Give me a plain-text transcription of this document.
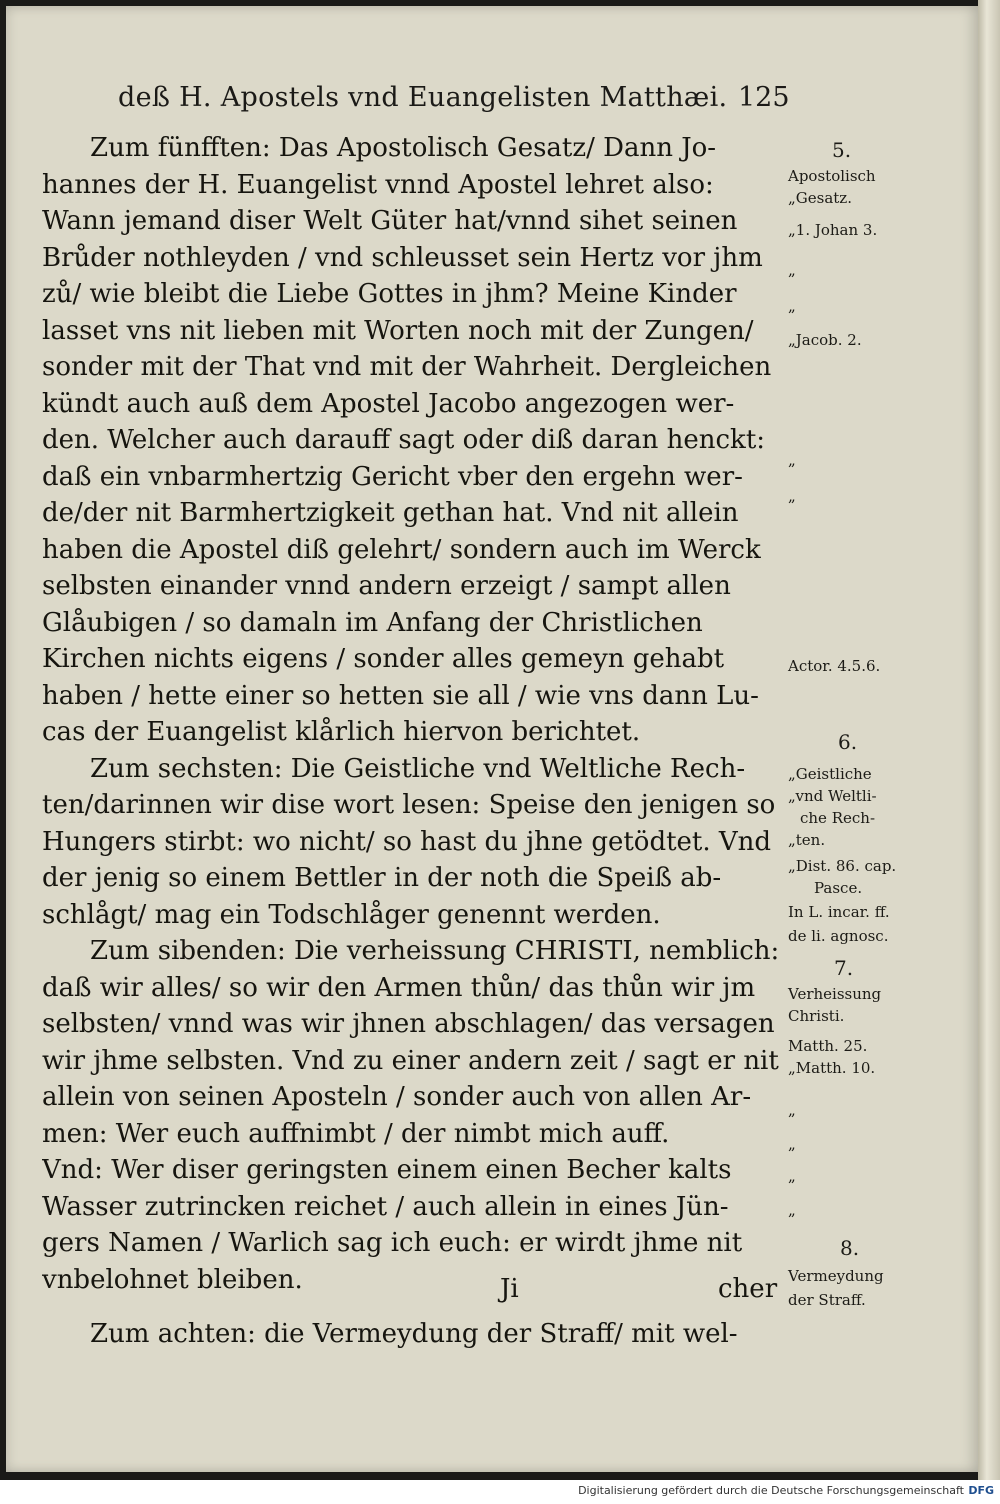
deß H. Apostels vnd Euangelisten Matthæi. 125
Zum fünfften: Das Apostolisch Gesatz/ Dann Jo-
hannes der H. Euangelist vnnd Apostel lehret also:
Wann jemand diser Welt Güter hat/vnnd sihet seinen
Brůder nothleyden / vnd schleusset sein Hertz vor jhm
zů/ wie bleibt die Liebe Gottes in jhm? Meine Kinder
lasset vns nit lieben mit Worten noch mit der Zungen/
sonder mit der That vnd mit der Wahrheit. Dergleichen
kündt auch auß dem Apostel Jacobo angezogen wer-
den. Welcher auch darauff sagt oder diß daran henckt:
daß ein vnbarmhertzig Gericht vber den ergehn wer-
de/der nit Barmhertzigkeit gethan hat. Vnd nit allein
haben die Apostel diß gelehrt/ sondern auch im Werck
selbsten einander vnnd andern erzeigt / sampt allen
Glåubigen / so damaln im Anfang der Christlichen
Kirchen nichts eigens / sonder alles gemeyn gehabt
haben / hette einer so hetten sie all / wie vns dann Lu-
cas der Euangelist klårlich hiervon berichtet.
Zum sechsten: Die Geistliche vnd Weltliche Rech-
ten/darinnen wir dise wort lesen: Speise den jenigen so
Hungers stirbt: wo nicht/ so hast du jhne getödtet. Vnd
der jenig so einem Bettler in der noth die Speiß ab-
schlågt/ mag ein Todschlåger genennt werden.
Zum sibenden: Die verheissung CHRISTI, nemblich:
daß wir alles/ so wir den Armen thůn/ das thůn wir jm
selbsten/ vnnd was wir jhnen abschlagen/ das versagen
wir jhme selbsten. Vnd zu einer andern zeit / sagt er nit
allein von seinen Aposteln / sonder auch von allen Ar-
men: Wer euch auffnimbt / der nimbt mich auff.
Vnd: Wer diser geringsten einem einen Becher kalts
Wasser zutrincken reichet / auch allein in eines Jün-
gers Namen / Warlich sag ich euch: er wirdt jhme nit
vnbelohnet bleiben.
Zum achten: die Vermeydung der Straff/ mit wel-
Ji	cher
5.
Apostolisch
„Gesatz.
„1. Johan 3.
„
„
„Jacob. 2.
„
„
Actor. 4.5.6.
6.
„Geistliche
„vnd Weltli-
che Rech-
„ten.
„Dist. 86. cap.
Pasce.
In L. incar. ff.
de li. agnosc.
7.
Verheissung
Christi.
Matth. 25.
„Matth. 10.
„
„
„
„
8.
Vermeydung
der Straff.
Digitalisierung gefördert durch die Deutsche Forschungsgemeinschaft DFG
